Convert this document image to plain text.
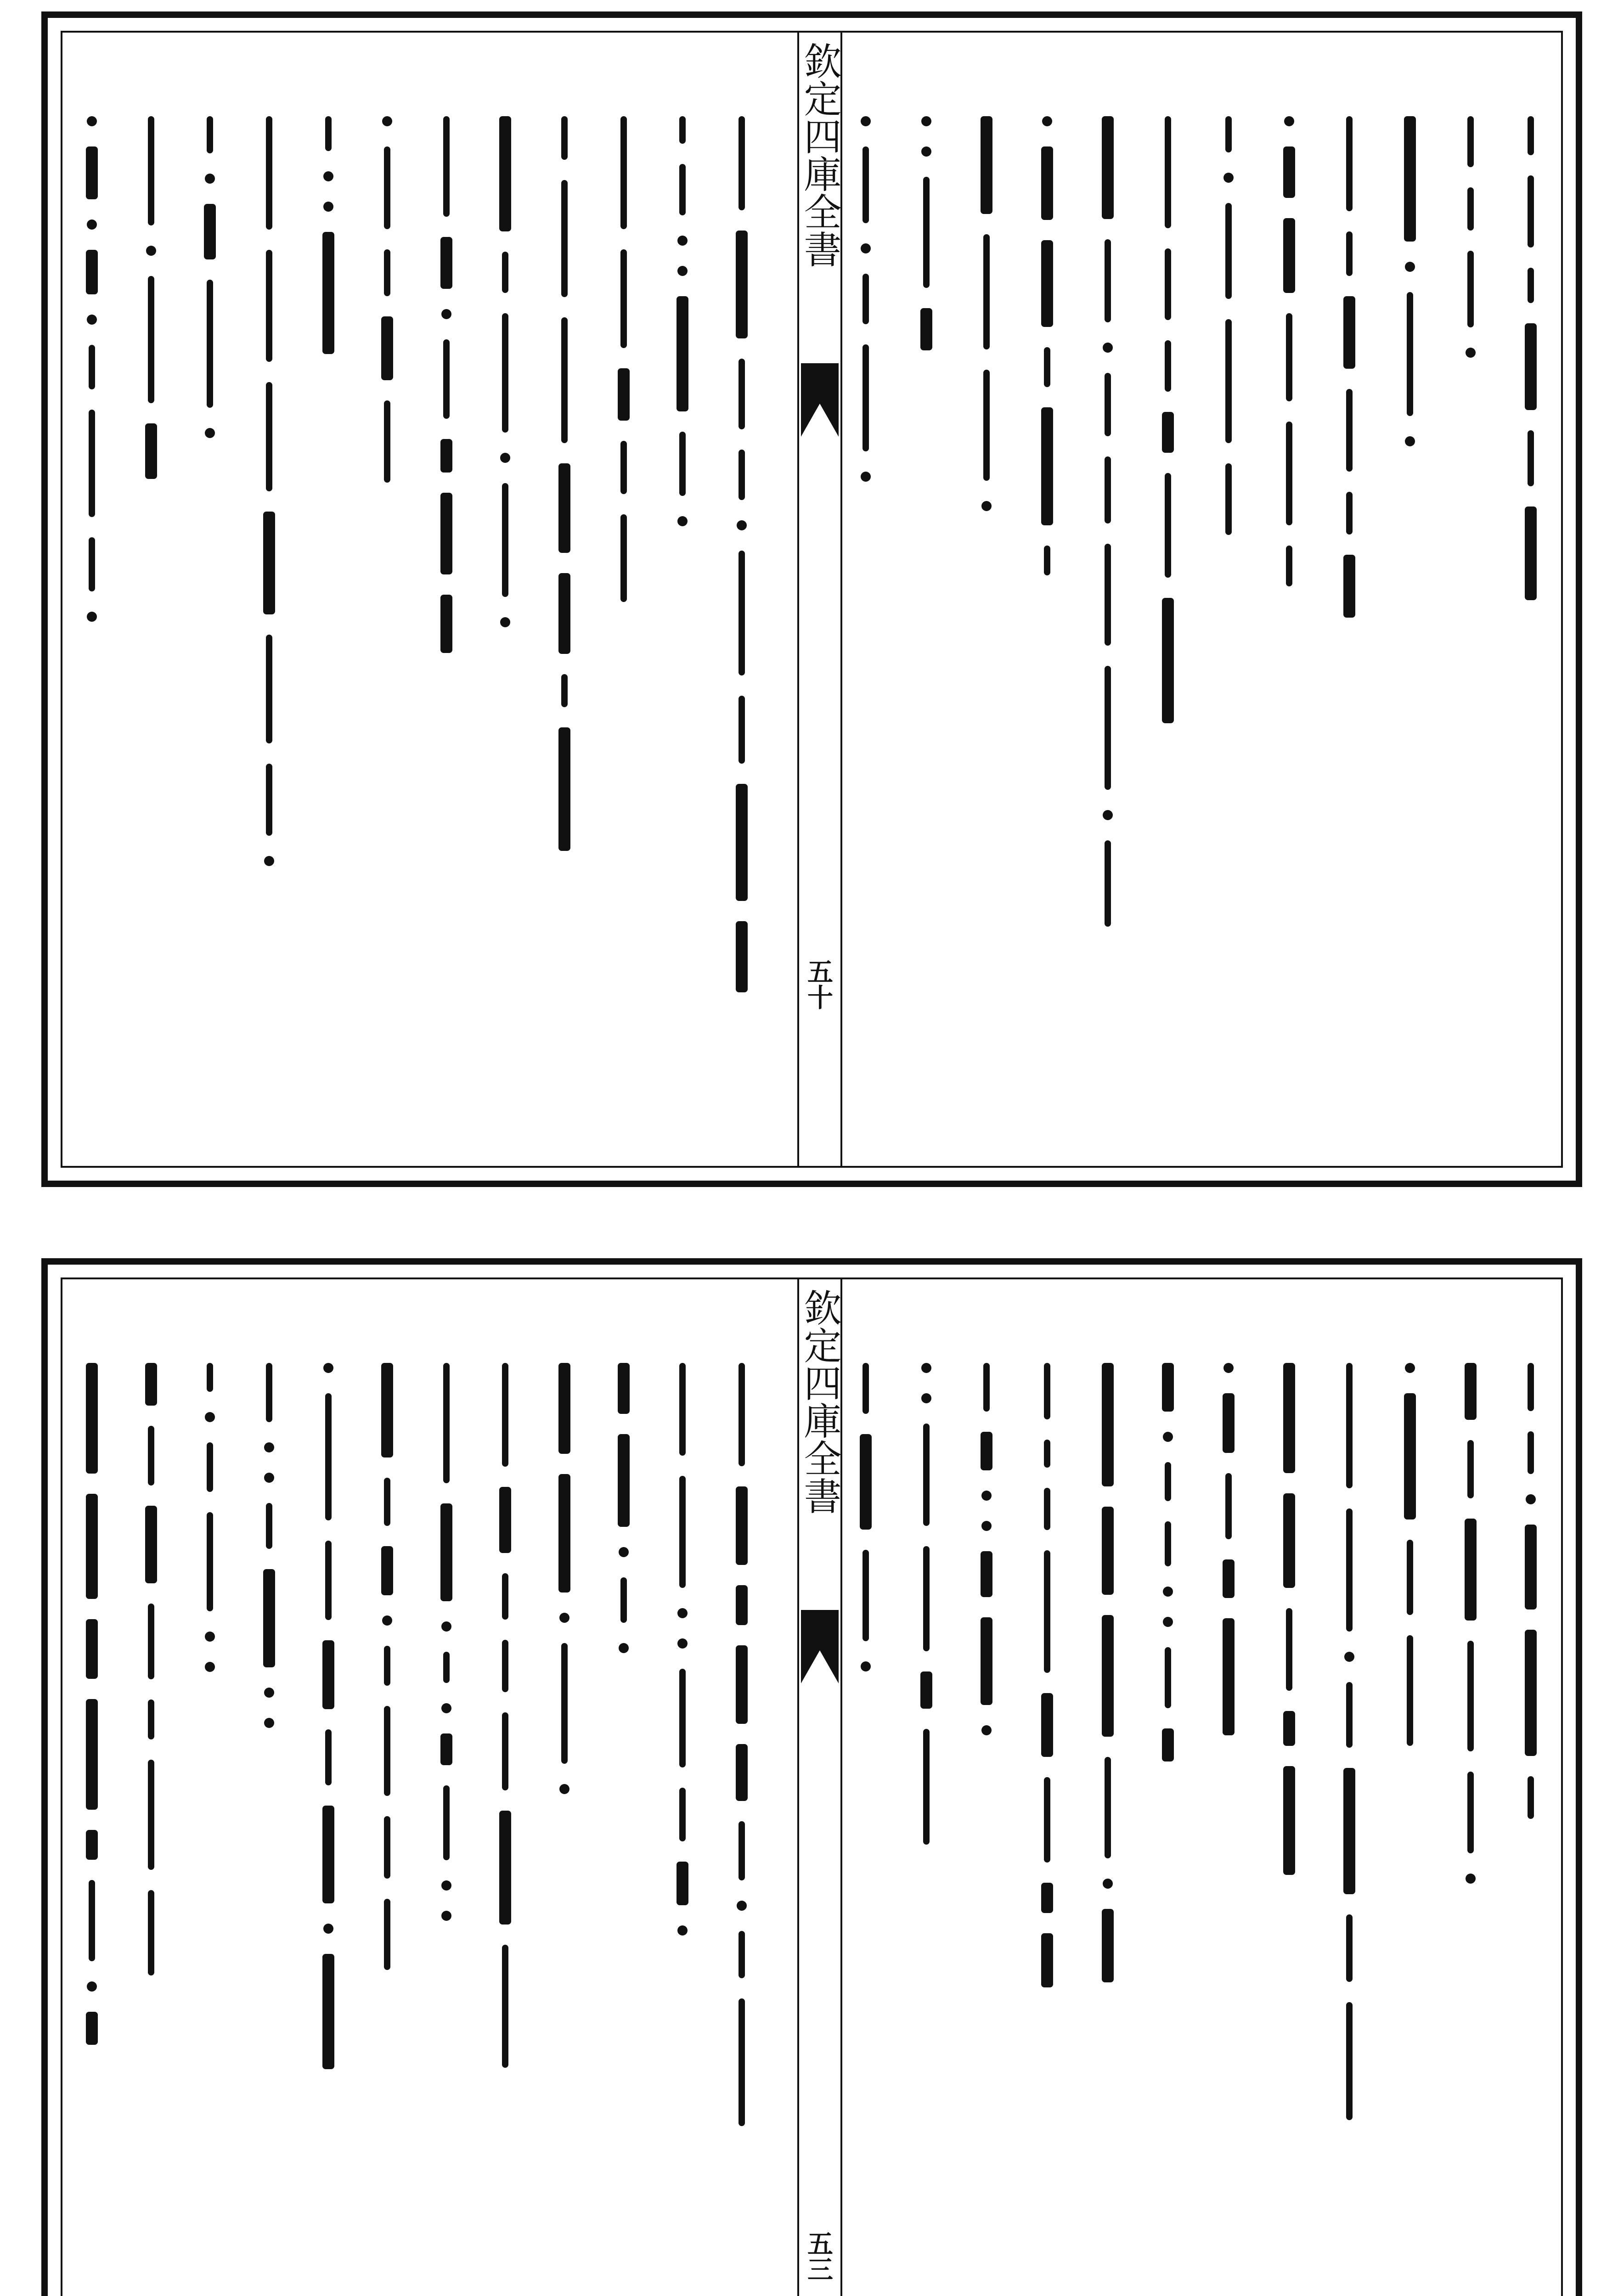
欽定四庫全書
五十
欽定四庫全書
五三
